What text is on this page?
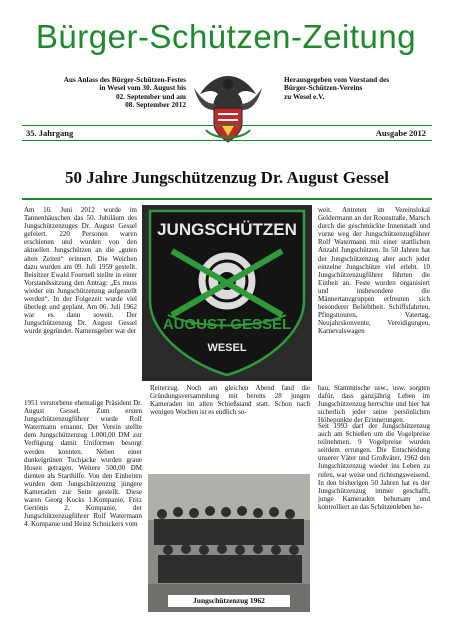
Bürger-Schützen-Zeitung
Aus Anlass des Bürger-Schützen-Festes
in Wesel vom 30. August bis
02. September und am
08. September 2012
Herausgegeben vom Vorstand des
Bürger-Schützen-Vereins
zu Wesel e.V.
35. Jahrgang	Ausgabe 2012
50 Jahre Jungschützenzug Dr. August Gessel

Am 16. Juni 2012 wurde im Tannenhäuschen das 50. Jubiläum des Jungschützenzuges Dr. August Gessel gefeiert. 220 Personen waren erschienen und wurden von den aktuellen Jungschützen an die „guten alten Zeiten“ erinnert. Die Weichen dazu wurden am 09. Juli 1959 gestellt. Beisitzer Ewald Fournell stellte in einer Vorstandssitzung den Antrag: „Es muss wieder ein Jungschützenzug aufgestellt werden“. In der Folgezeit wurde viel überlegt und geplant. Am 06. Juli 1962 war es dann soweit. Der Jungschützenzug Dr. August Gessel wurde gegründet. Namensgeber war der

JUNGSCHÜTZEN
AUGUST GESSEL
WESEL

weit. Antreten im Vereinslokal Geldermann an der Roonstraße, Marsch durch die geschmückte Innenstadt und vorne weg der Jungschützenzugführer Rolf Watermann mit einer stattlichen Anzahl Jungschützen. In 50 Jahren hat der Jungschützenzug aber auch jeder einzelne Jungschütze viel erlebt. 10 Jungschützenzugführer führten die Einheit an. Feste wurden organisiert und insbesondere die Männertanzgruppen erfreuten sich besonderer Beliebtheit. Schiffsfahrten, Pfingsttouren, Vatertag, Neujahrskonvente, Vereidigungen, Karnevalswagen

Reiterzug. Noch am gleichen Abend fand die Gründungsversammlung mit bereits 28 jungen Kameraden im alten Schießstand statt. Schon nach wenigen Wochen ist es endlich so-

bau, Stammtische usw., usw. sorgten dafür, dass ganzjährig Leben im Jungschützenzug herrschte und hier hat sicherlich jeder seine persönlichen Höhepunkte der Erinnerungen.

1951 verstorbene ehemalige Präsident Dr. August Gessel. Zum ersten Jungschützenzugführer wurde Rolf Watermann ernannt. Der Verein stellte dem Jungschützenzug 1.000,00 DM zur Verfügung damit Uniformen besorgt werden konnten. Neben einer dunkelgrünen Tuchjacke wurden graue Hosen getragen. Weitere 500,00 DM dienten als Starthilfe. Von den Einheiten wurden dem Jungschützenzug jüngere Kameraden zur Seite gestellt. Diese waren Georg Kocks 1.Kompanie, Fritz Gertönis 2. Kompanie, der Jungschützenzugführer Rolf Watermann 4. Kompanie und Heinz Schnickers vom

Seit 1993 darf der Jungschützenzug auch am Schießen um die Vogelpreise teilnehmen. 9 Vogelpreise wurden seitdem errungen. Die Entscheidung unserer Väter und Großväter, 1962 den Jungschützenzug wieder ins Leben zu rufen, war weise und richtungsweisend. In den bisherigen 50 Jahren hat es der Jungschützenzug immer geschafft, junge Kameraden behutsam und kontrolliert an das Schützenleben he-

Jungschützenzug 1962
